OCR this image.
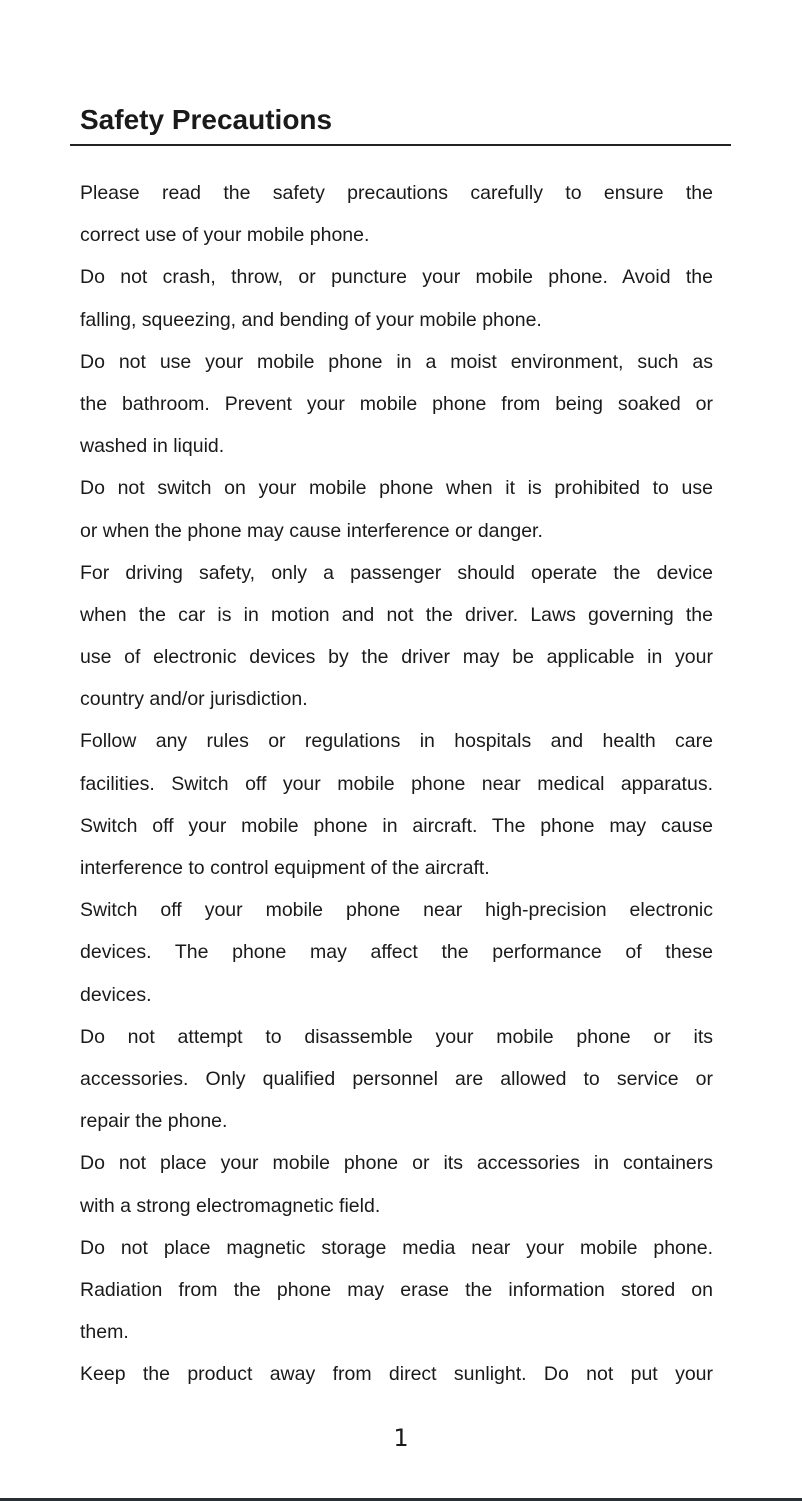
Safety Precautions
Please read the safety precautions carefully to ensure the
correct use of your mobile phone.
Do not crash, throw, or puncture your mobile phone. Avoid the
falling, squeezing, and bending of your mobile phone.
Do not use your mobile phone in a moist environment, such as
the bathroom. Prevent your mobile phone from being soaked or
washed in liquid.
Do not switch on your mobile phone when it is prohibited to use
or when the phone may cause interference or danger.
For driving safety, only a passenger should operate the device
when the car is in motion and not the driver. Laws governing the
use of electronic devices by the driver may be applicable in your
country and/or jurisdiction.
Follow any rules or regulations in hospitals and health care
facilities. Switch off your mobile phone near medical apparatus.
Switch off your mobile phone in aircraft. The phone may cause
interference to control equipment of the aircraft.
Switch off your mobile phone near high-precision electronic
devices. The phone may affect the performance of these
devices.
Do not attempt to disassemble your mobile phone or its
accessories. Only qualified personnel are allowed to service or
repair the phone.
Do not place your mobile phone or its accessories in containers
with a strong electromagnetic field.
Do not place magnetic storage media near your mobile phone.
Radiation from the phone may erase the information stored on
them.
Keep the product away from direct sunlight. Do not put your
1
